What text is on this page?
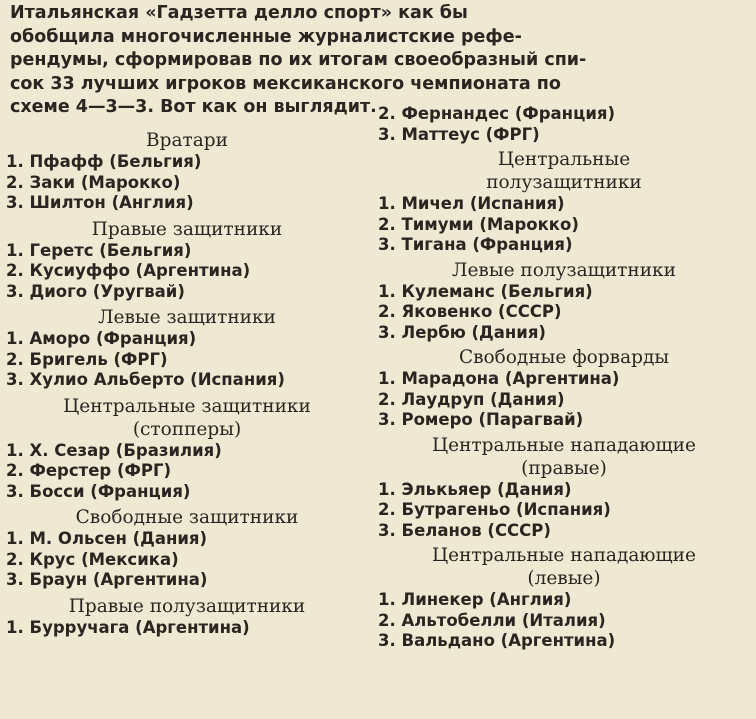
Итальянская «Гадзетта делло спорт» как бы
обобщила многочисленные журналистские рефе-
рендумы, сформировав по их итогам своеобразный спи-
сок 33 лучших игроков мексиканского чемпионата по
схеме 4—3—3. Вот как он выглядит.
Вратари
1. Пфафф (Бельгия)
2. Заки (Марокко)
3. Шилтон (Англия)
Правые защитники
1. Геретс (Бельгия)
2. Кусиуффо (Аргентина)
3. Диого (Уругвай)
Левые защитники
1. Аморо (Франция)
2. Бригель (ФРГ)
3. Хулио Альберто (Испания)
Центральные защитники
(стопперы)
1. Х. Сезар (Бразилия)
2. Ферстер (ФРГ)
3. Босси (Франция)
Свободные защитники
1. М. Ольсен (Дания)
2. Крус (Мексика)
3. Браун (Аргентина)
Правые полузащитники
1. Бурручага (Аргентина)
2. Фернандес (Франция)
3. Маттеус (ФРГ)
Центральные
полузащитники
1. Мичел (Испания)
2. Тимуми (Марокко)
3. Тигана (Франция)
Левые полузащитники
1. Кулеманс (Бельгия)
2. Яковенко (СССР)
3. Лербю (Дания)
Свободные форварды
1. Марадона (Аргентина)
2. Лаудруп (Дания)
3. Ромеро (Парагвай)
Центральные нападающие
(правые)
1. Элькьяер (Дания)
2. Бутрагеньо (Испания)
3. Беланов (СССР)
Центральные нападающие
(левые)
1. Линекер (Англия)
2. Альтобелли (Италия)
3. Вальдано (Аргентина)
